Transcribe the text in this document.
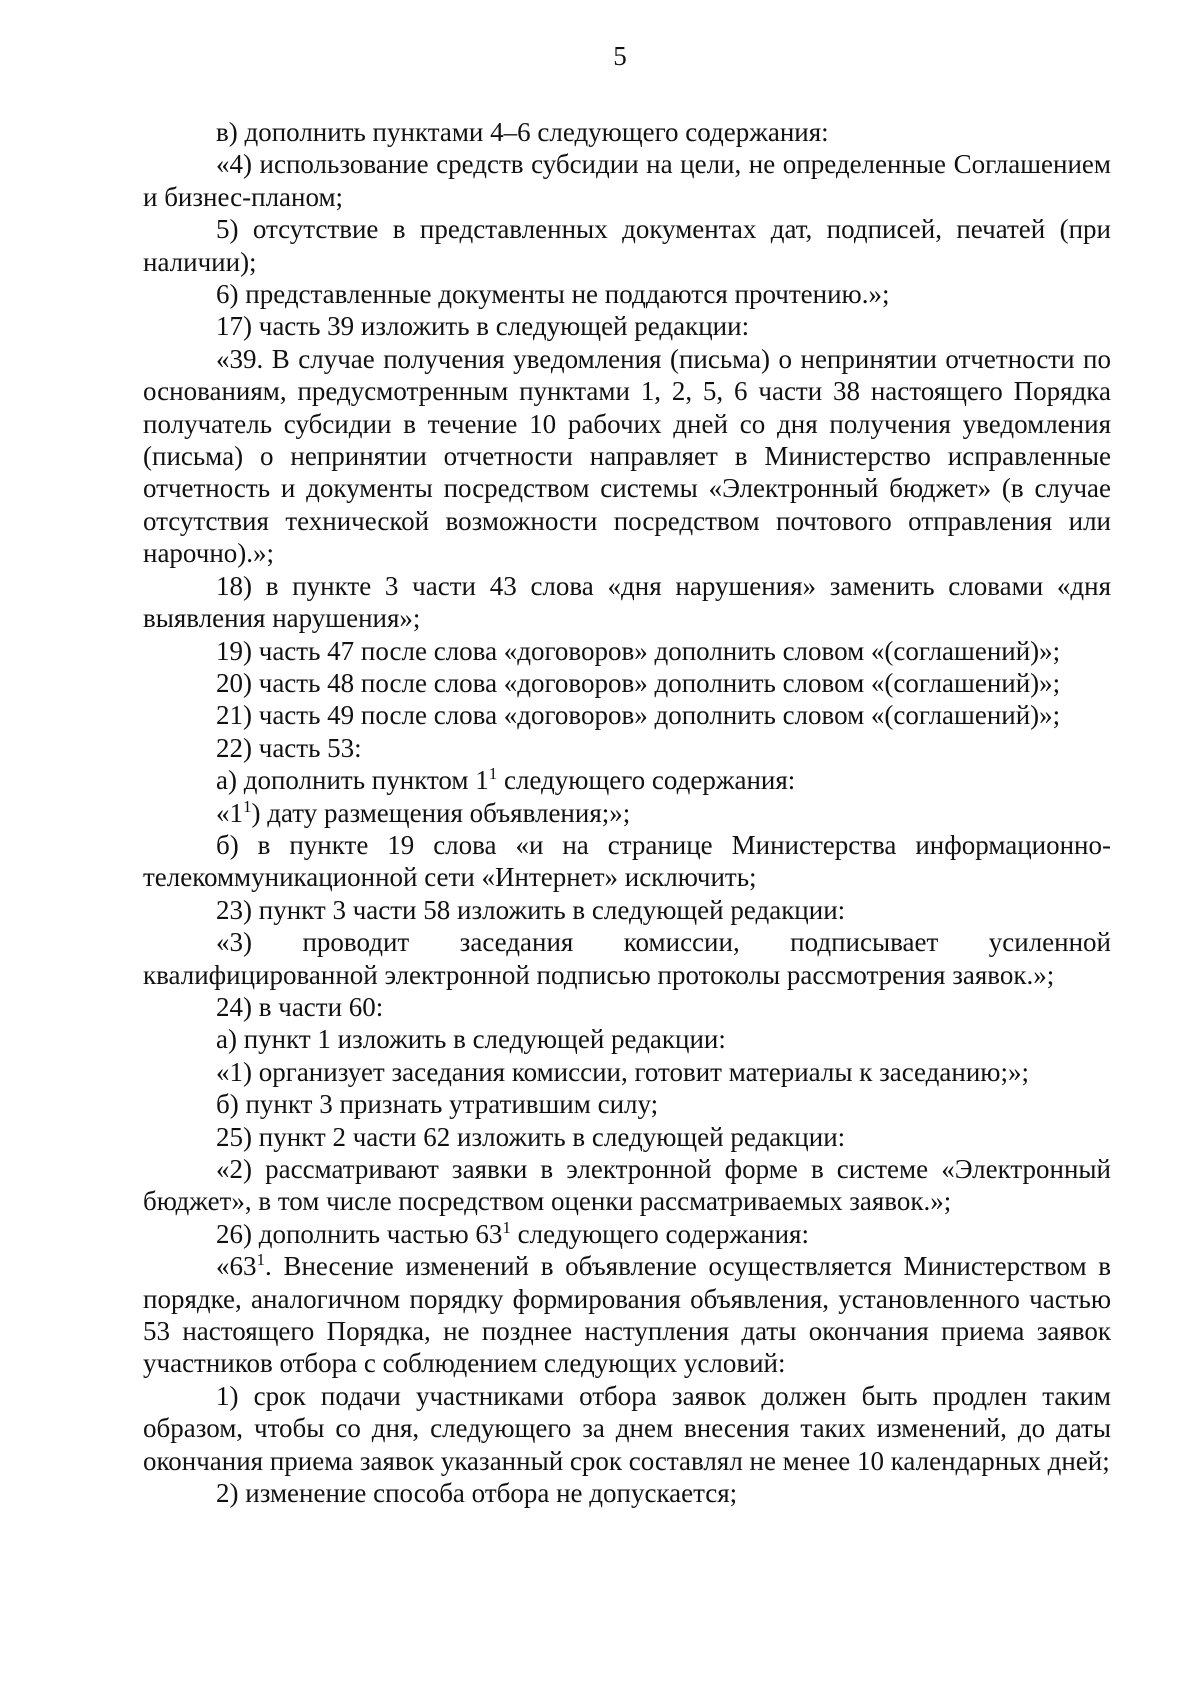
5

в) дополнить пунктами 4–6 следующего содержания:

«4) использование средств субсидии на цели, не определенные Соглашением и бизнес-планом;

5) отсутствие в представленных документах дат, подписей, печатей (при наличии);

6) представленные документы не поддаются прочтению.»;

17) часть 39 изложить в следующей редакции:

«39. В случае получения уведомления (письма) о непринятии отчетности по основаниям, предусмотренным пунктами 1, 2, 5, 6 части 38 настоящего Порядка получатель субсидии в течение 10 рабочих дней со дня получения уведомления (письма) о непринятии отчетности направляет в Министерство исправленные отчетность и документы посредством системы «Электронный бюджет» (в случае отсутствия технической возможности посредством почтового отправления или нарочно).»;

18) в пункте 3 части 43 слова «дня нарушения» заменить словами «дня выявления нарушения»;

19) часть 47 после слова «договоров» дополнить словом «(соглашений)»;

20) часть 48 после слова «договоров» дополнить словом «(соглашений)»;

21) часть 49 после слова «договоров» дополнить словом «(соглашений)»;

22) часть 53:

а) дополнить пунктом $1^1$ следующего содержания:

«$1^1$) дату размещения объявления;»;

б) в пункте 19 слова «и на странице Министерства информационно-телекоммуникационной сети «Интернет» исключить;

23) пункт 3 части 58 изложить в следующей редакции:

«3) проводит заседания комиссии, подписывает усиленной квалифицированной электронной подписью протоколы рассмотрения заявок.»;

24) в части 60:

а) пункт 1 изложить в следующей редакции:

«1) организует заседания комиссии, готовит материалы к заседанию;»;

б) пункт 3 признать утратившим силу;

25) пункт 2 части 62 изложить в следующей редакции:

«2) рассматривают заявки в электронной форме в системе «Электронный бюджет», в том числе посредством оценки рассматриваемых заявок.»;

26) дополнить частью $63^1$ следующего содержания:

«$63^1$. Внесение изменений в объявление осуществляется Министерством в порядке, аналогичном порядку формирования объявления, установленного частью 53 настоящего Порядка, не позднее наступления даты окончания приема заявок участников отбора с соблюдением следующих условий:

1) срок подачи участниками отбора заявок должен быть продлен таким образом, чтобы со дня, следующего за днем внесения таких изменений, до даты окончания приема заявок указанный срок составлял не менее 10 календарных дней;

2) изменение способа отбора не допускается;
